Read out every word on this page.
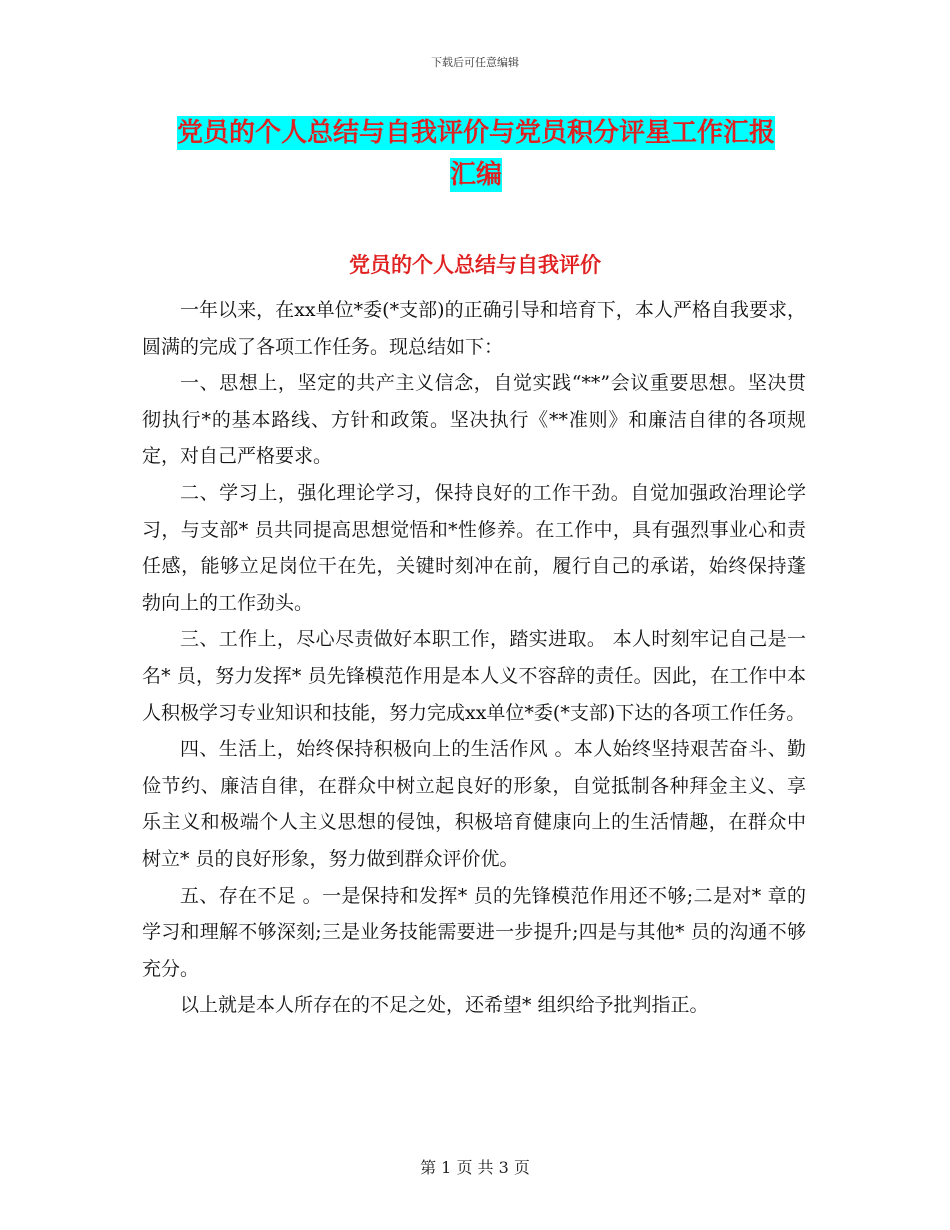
下载后可任意编辑
党员的个人总结与自我评价与党员积分评星工作汇报
汇编
党员的个人总结与自我评价

一年以来，在xx单位*委(*支部)的正确引导和培育下，本人严格自我要求，圆满的完成了各项工作任务。现总结如下：

一、思想上，坚定的共产主义信念，自觉实践“**”会议重要思想。坚决贯彻执行*的基本路线、方针和政策。坚决执行《**准则》和廉洁自律的各项规定，对自己严格要求。

二、学习上，强化理论学习，保持良好的工作干劲。自觉加强政治理论学习，与支部* 员共同提高思想觉悟和*性修养。在工作中，具有强烈事业心和责任感，能够立足岗位干在先，关键时刻冲在前，履行自己的承诺，始终保持蓬勃向上的工作劲头。

三、工作上，尽心尽责做好本职工作，踏实进取。 本人时刻牢记自己是一名* 员，努力发挥* 员先锋模范作用是本人义不容辞的责任。因此，在工作中本人积极学习专业知识和技能，努力完成xx单位*委(*支部)下达的各项工作任务。

四、生活上，始终保持积极向上的生活作风 。本人始终坚持艰苦奋斗、勤俭节约、廉洁自律，在群众中树立起良好的形象，自觉抵制各种拜金主义、享乐主义和极端个人主义思想的侵蚀，积极培育健康向上的生活情趣，在群众中树立* 员的良好形象，努力做到群众评价优。

五、存在不足 。一是保持和发挥* 员的先锋模范作用还不够;二是对* 章的学习和理解不够深刻;三是业务技能需要进一步提升;四是与其他* 员的沟通不够充分。

以上就是本人所存在的不足之处，还希望* 组织给予批判指正。

第 1 页 共 3 页
